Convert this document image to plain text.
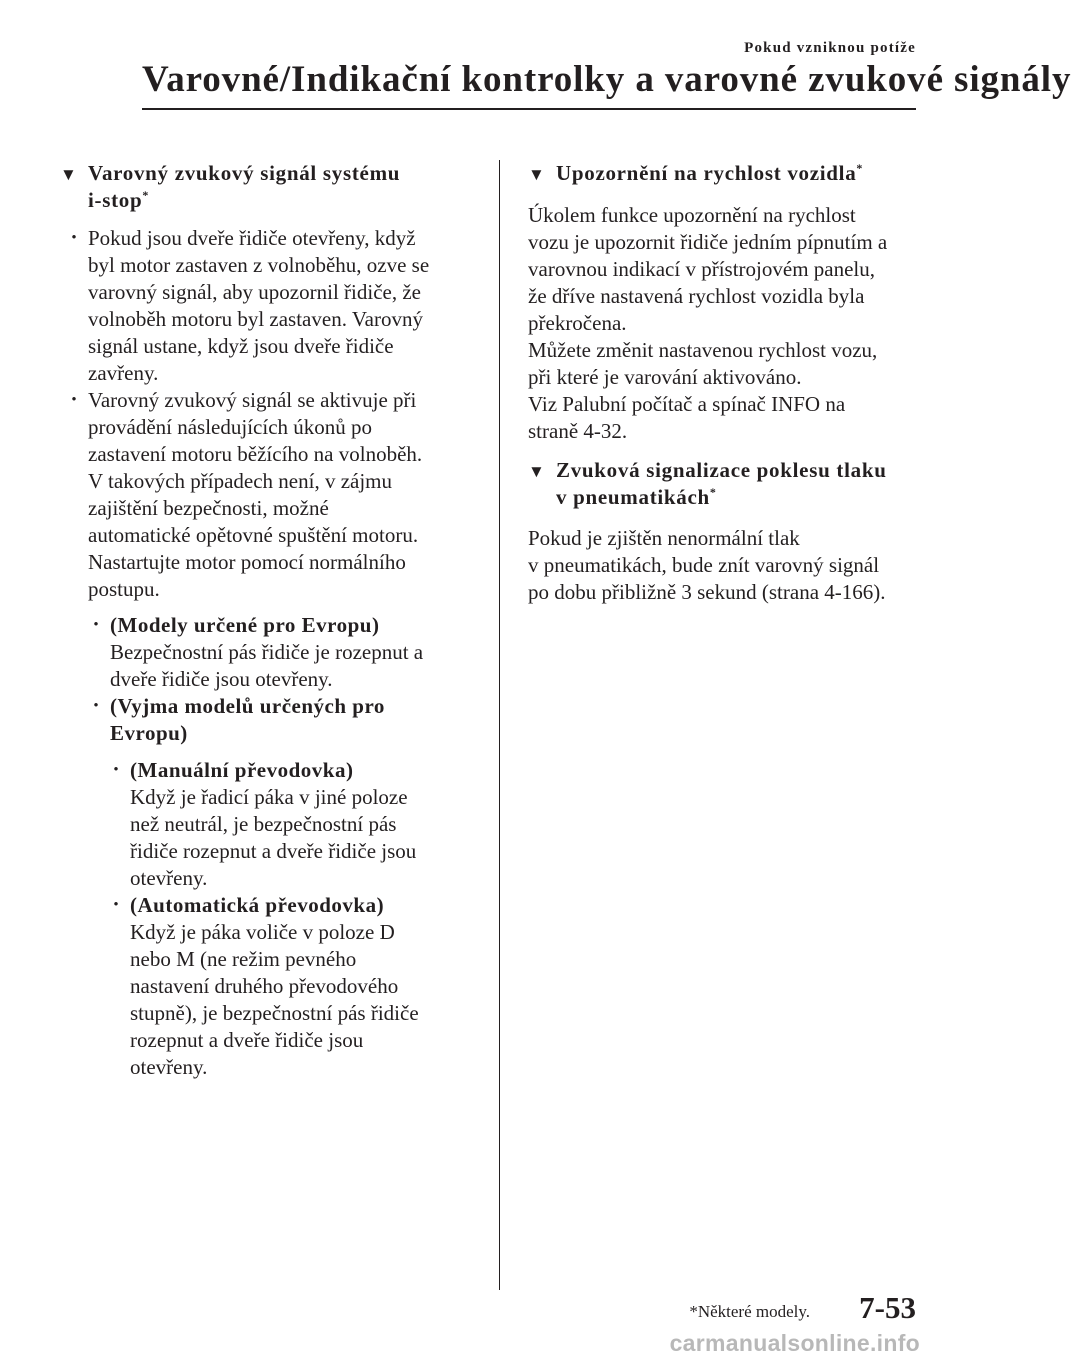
Pokud vzniknou potíže
Varovné/Indikační kontrolky a varovné zvukové signály
▼ Varovný zvukový signál systému
i-stop*
• Pokud jsou dveře řidiče otevřeny, když
byl motor zastaven z volnoběhu, ozve se
varovný signál, aby upozornil řidiče, že
volnoběh motoru byl zastaven. Varovný
signál ustane, když jsou dveře řidiče
zavřeny.
• Varovný zvukový signál se aktivuje při
provádění následujících úkonů po
zastavení motoru běžícího na volnoběh.
V takových případech není, v zájmu
zajištění bezpečnosti, možné
automatické opětovné spuštění motoru.
Nastartujte motor pomocí normálního
postupu.
• (Modely určené pro Evropu)
Bezpečnostní pás řidiče je rozepnut a
dveře řidiče jsou otevřeny.
• (Vyjma modelů určených pro
Evropu)
• (Manuální převodovka)
Když je řadicí páka v jiné poloze
než neutrál, je bezpečnostní pás
řidiče rozepnut a dveře řidiče jsou
otevřeny.
• (Automatická převodovka)
Když je páka voliče v poloze D
nebo M (ne režim pevného
nastavení druhého převodového
stupně), je bezpečnostní pás řidiče
rozepnut a dveře řidiče jsou
otevřeny.
▼ Upozornění na rychlost vozidla*
Úkolem funkce upozornění na rychlost
vozu je upozornit řidiče jedním pípnutím a
varovnou indikací v přístrojovém panelu,
že dříve nastavená rychlost vozidla byla
překročena.
Můžete změnit nastavenou rychlost vozu,
při které je varování aktivováno.
Viz Palubní počítač a spínač INFO na
straně 4-32.
▼ Zvuková signalizace poklesu tlaku
v pneumatikách*
Pokud je zjištěn nenormální tlak
v pneumatikách, bude znít varovný signál
po dobu přibližně 3 sekund (strana 4-166).
*Některé modely. 7-53
carmanualsonline.info
